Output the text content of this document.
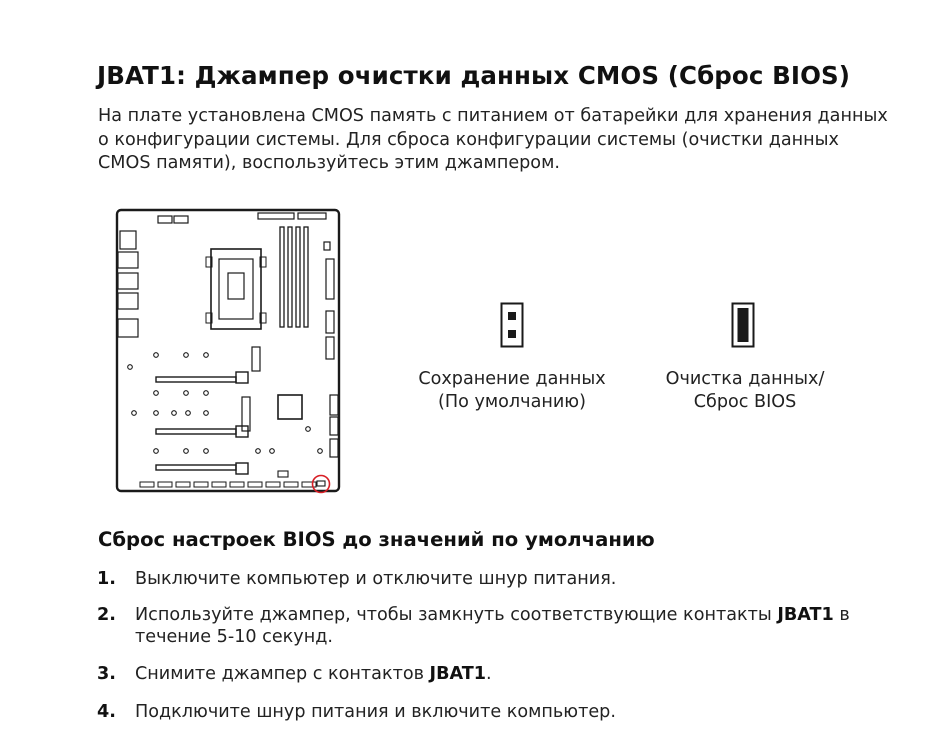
JBAT1: Джампер очистки данных CMOS (Сброс BIOS)
На плате установлена CMOS память с питанием от батарейки для хранения данных
о конфигурации системы. Для сброса конфигурации системы (очистки данных
CMOS памяти), воспользуйтесь этим джампером.
Сохранение данных
(По умолчанию)
Очистка данных/
Сброс BIOS
Сброс настроек BIOS до значений по умолчанию
1. Выключите компьютер и отключите шнур питания.
2. Используйте джампер, чтобы замкнуть соответствующие контакты JBAT1 в
течение 5-10 секунд.
3. Снимите джампер с контактов JBAT1.
4. Подключите шнур питания и включите компьютер.
